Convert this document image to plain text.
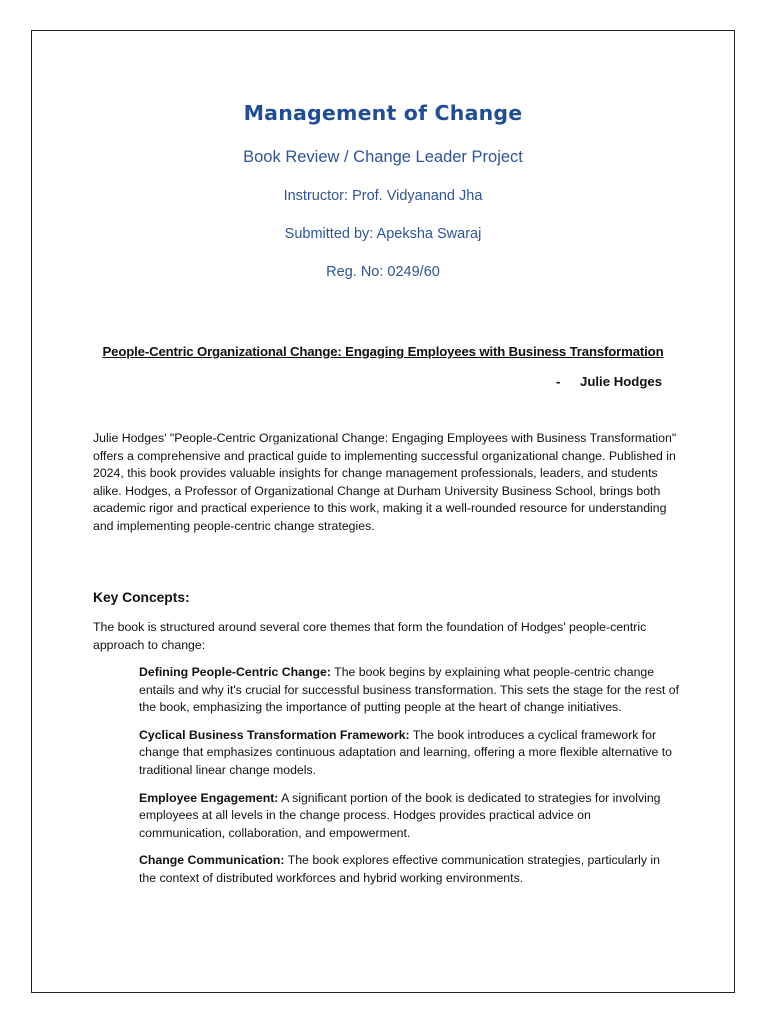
Management of Change
Book Review / Change Leader Project
Instructor: Prof. Vidyanand Jha
Submitted by: Apeksha Swaraj
Reg. No: 0249/60
People-Centric Organizational Change: Engaging Employees with Business Transformation
- Julie Hodges

Julie Hodges' "People-Centric Organizational Change: Engaging Employees with Business Transformation" offers a comprehensive and practical guide to implementing successful organizational change. Published in 2024, this book provides valuable insights for change management professionals, leaders, and students alike. Hodges, a Professor of Organizational Change at Durham University Business School, brings both academic rigor and practical experience to this work, making it a well-rounded resource for understanding and implementing people-centric change strategies.

Key Concepts:

The book is structured around several core themes that form the foundation of Hodges' people-centric approach to change:

Defining People-Centric Change: The book begins by explaining what people-centric change entails and why it's crucial for successful business transformation. This sets the stage for the rest of the book, emphasizing the importance of putting people at the heart of change initiatives.
Cyclical Business Transformation Framework: The book introduces a cyclical framework for change that emphasizes continuous adaptation and learning, offering a more flexible alternative to traditional linear change models.
Employee Engagement: A significant portion of the book is dedicated to strategies for involving employees at all levels in the change process. Hodges provides practical advice on communication, collaboration, and empowerment.
Change Communication: The book explores effective communication strategies, particularly in the context of distributed workforces and hybrid working environments.
